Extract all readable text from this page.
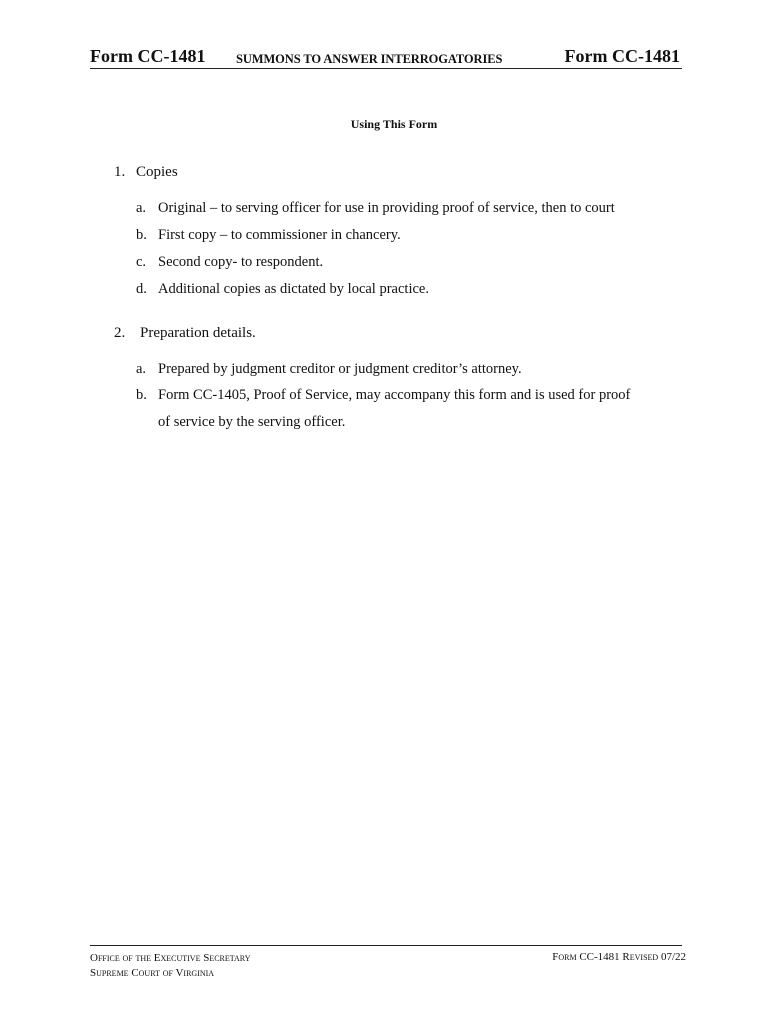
Form CC-1481 SUMMONS TO ANSWER INTERROGATORIES	Form CC-1481
Using This Form
1. Copies
a. Original – to serving officer for use in providing proof of service, then to court
b. First copy – to commissioner in chancery.
c. Second copy- to respondent.
d. Additional copies as dictated by local practice.
2. Preparation details.
a. Prepared by judgment creditor or judgment creditor’s attorney.
b. Form CC-1405, Proof of Service, may accompany this form and is used for proof
of service by the serving officer.
Office of the Executive Secretary
Supreme Court of Virginia
Form CC-1481 Revised 07/22
